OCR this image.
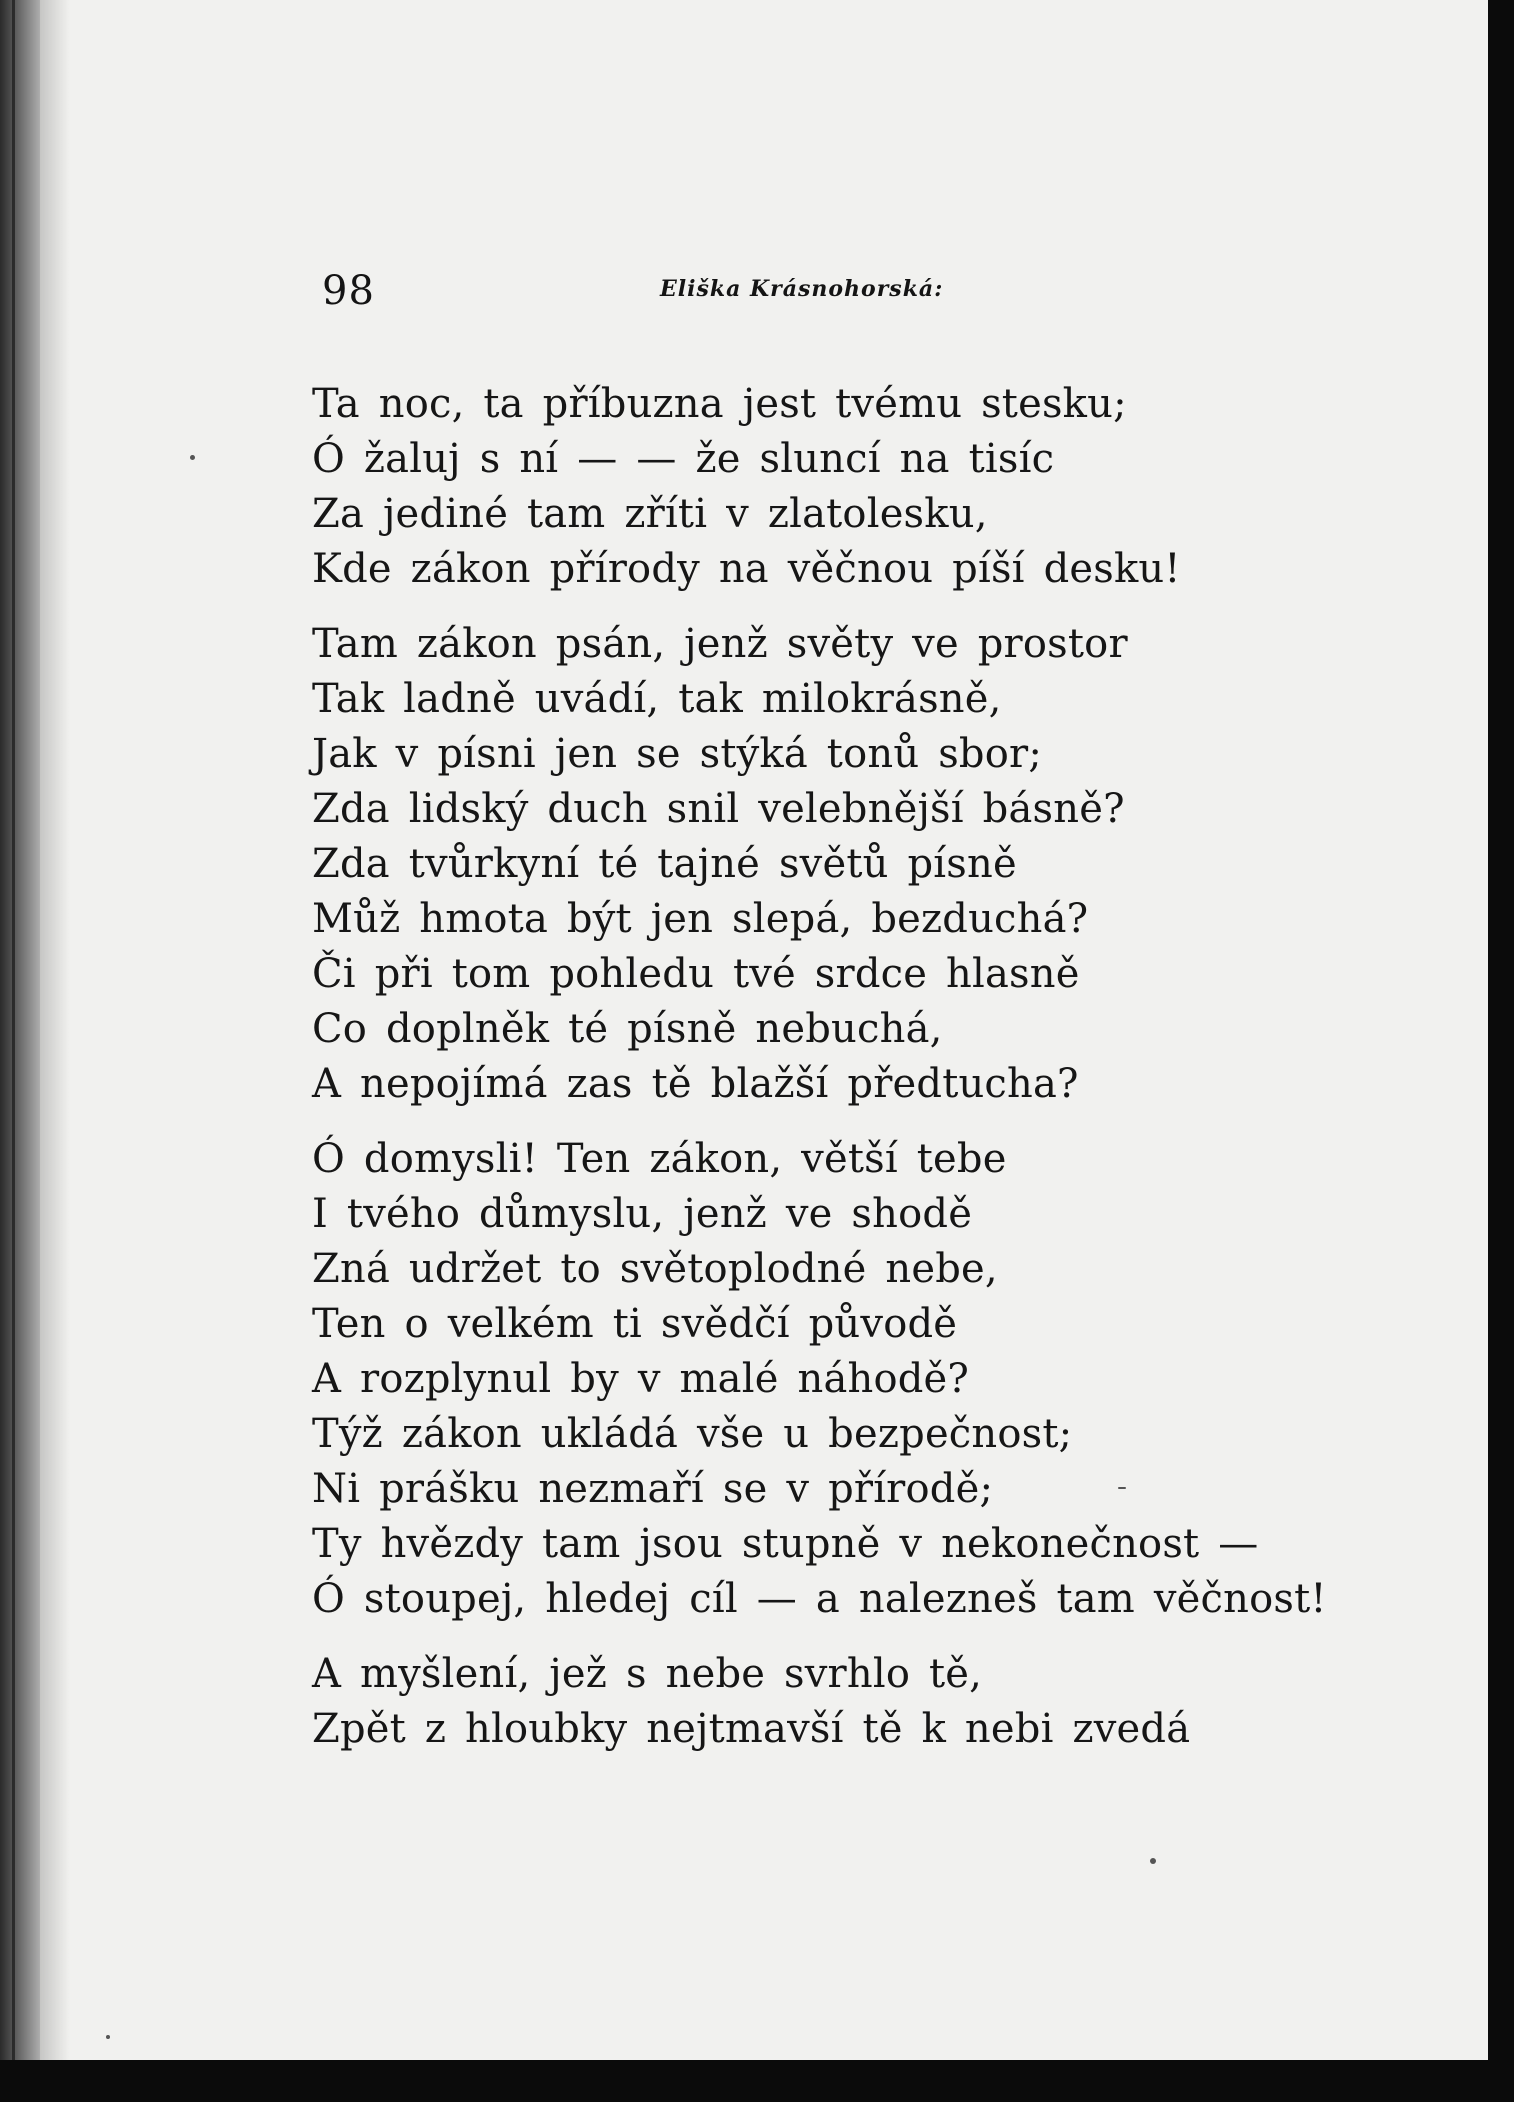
98	Eliška Krásnohorská:
Ta noc, ta příbuzna jest tvému stesku;
Ó žaluj s ní — — že sluncí na tisíc
Za jediné tam zříti v zlatolesku,
Kde zákon přírody na věčnou píší desku!
Tam zákon psán, jenž světy ve prostor
Tak ladně uvádí, tak milokrásně,
Jak v písni jen se stýká tonů sbor;
Zda lidský duch snil velebnější básně?
Zda tvůrkyní té tajné světů písně
Můž hmota být jen slepá, bezduchá?
Či při tom pohledu tvé srdce hlasně
Co doplněk té písně nebuchá,
A nepojímá zas tě blažší předtucha?
Ó domysli! Ten zákon, větší tebe
I tvého důmyslu, jenž ve shodě
Zná udržet to světoplodné nebe,
Ten o velkém ti svědčí původě
A rozplynul by v malé náhodě?
Týž zákon ukládá vše u bezpečnost;
Ni prášku nezmaří se v přírodě;
Ty hvězdy tam jsou stupně v nekonečnost —
Ó stoupej, hledej cíl — a nalezneš tam věčnost!
A myšlení, jež s nebe svrhlo tě,
Zpět z hloubky nejtmavší tě k nebi zvedá
